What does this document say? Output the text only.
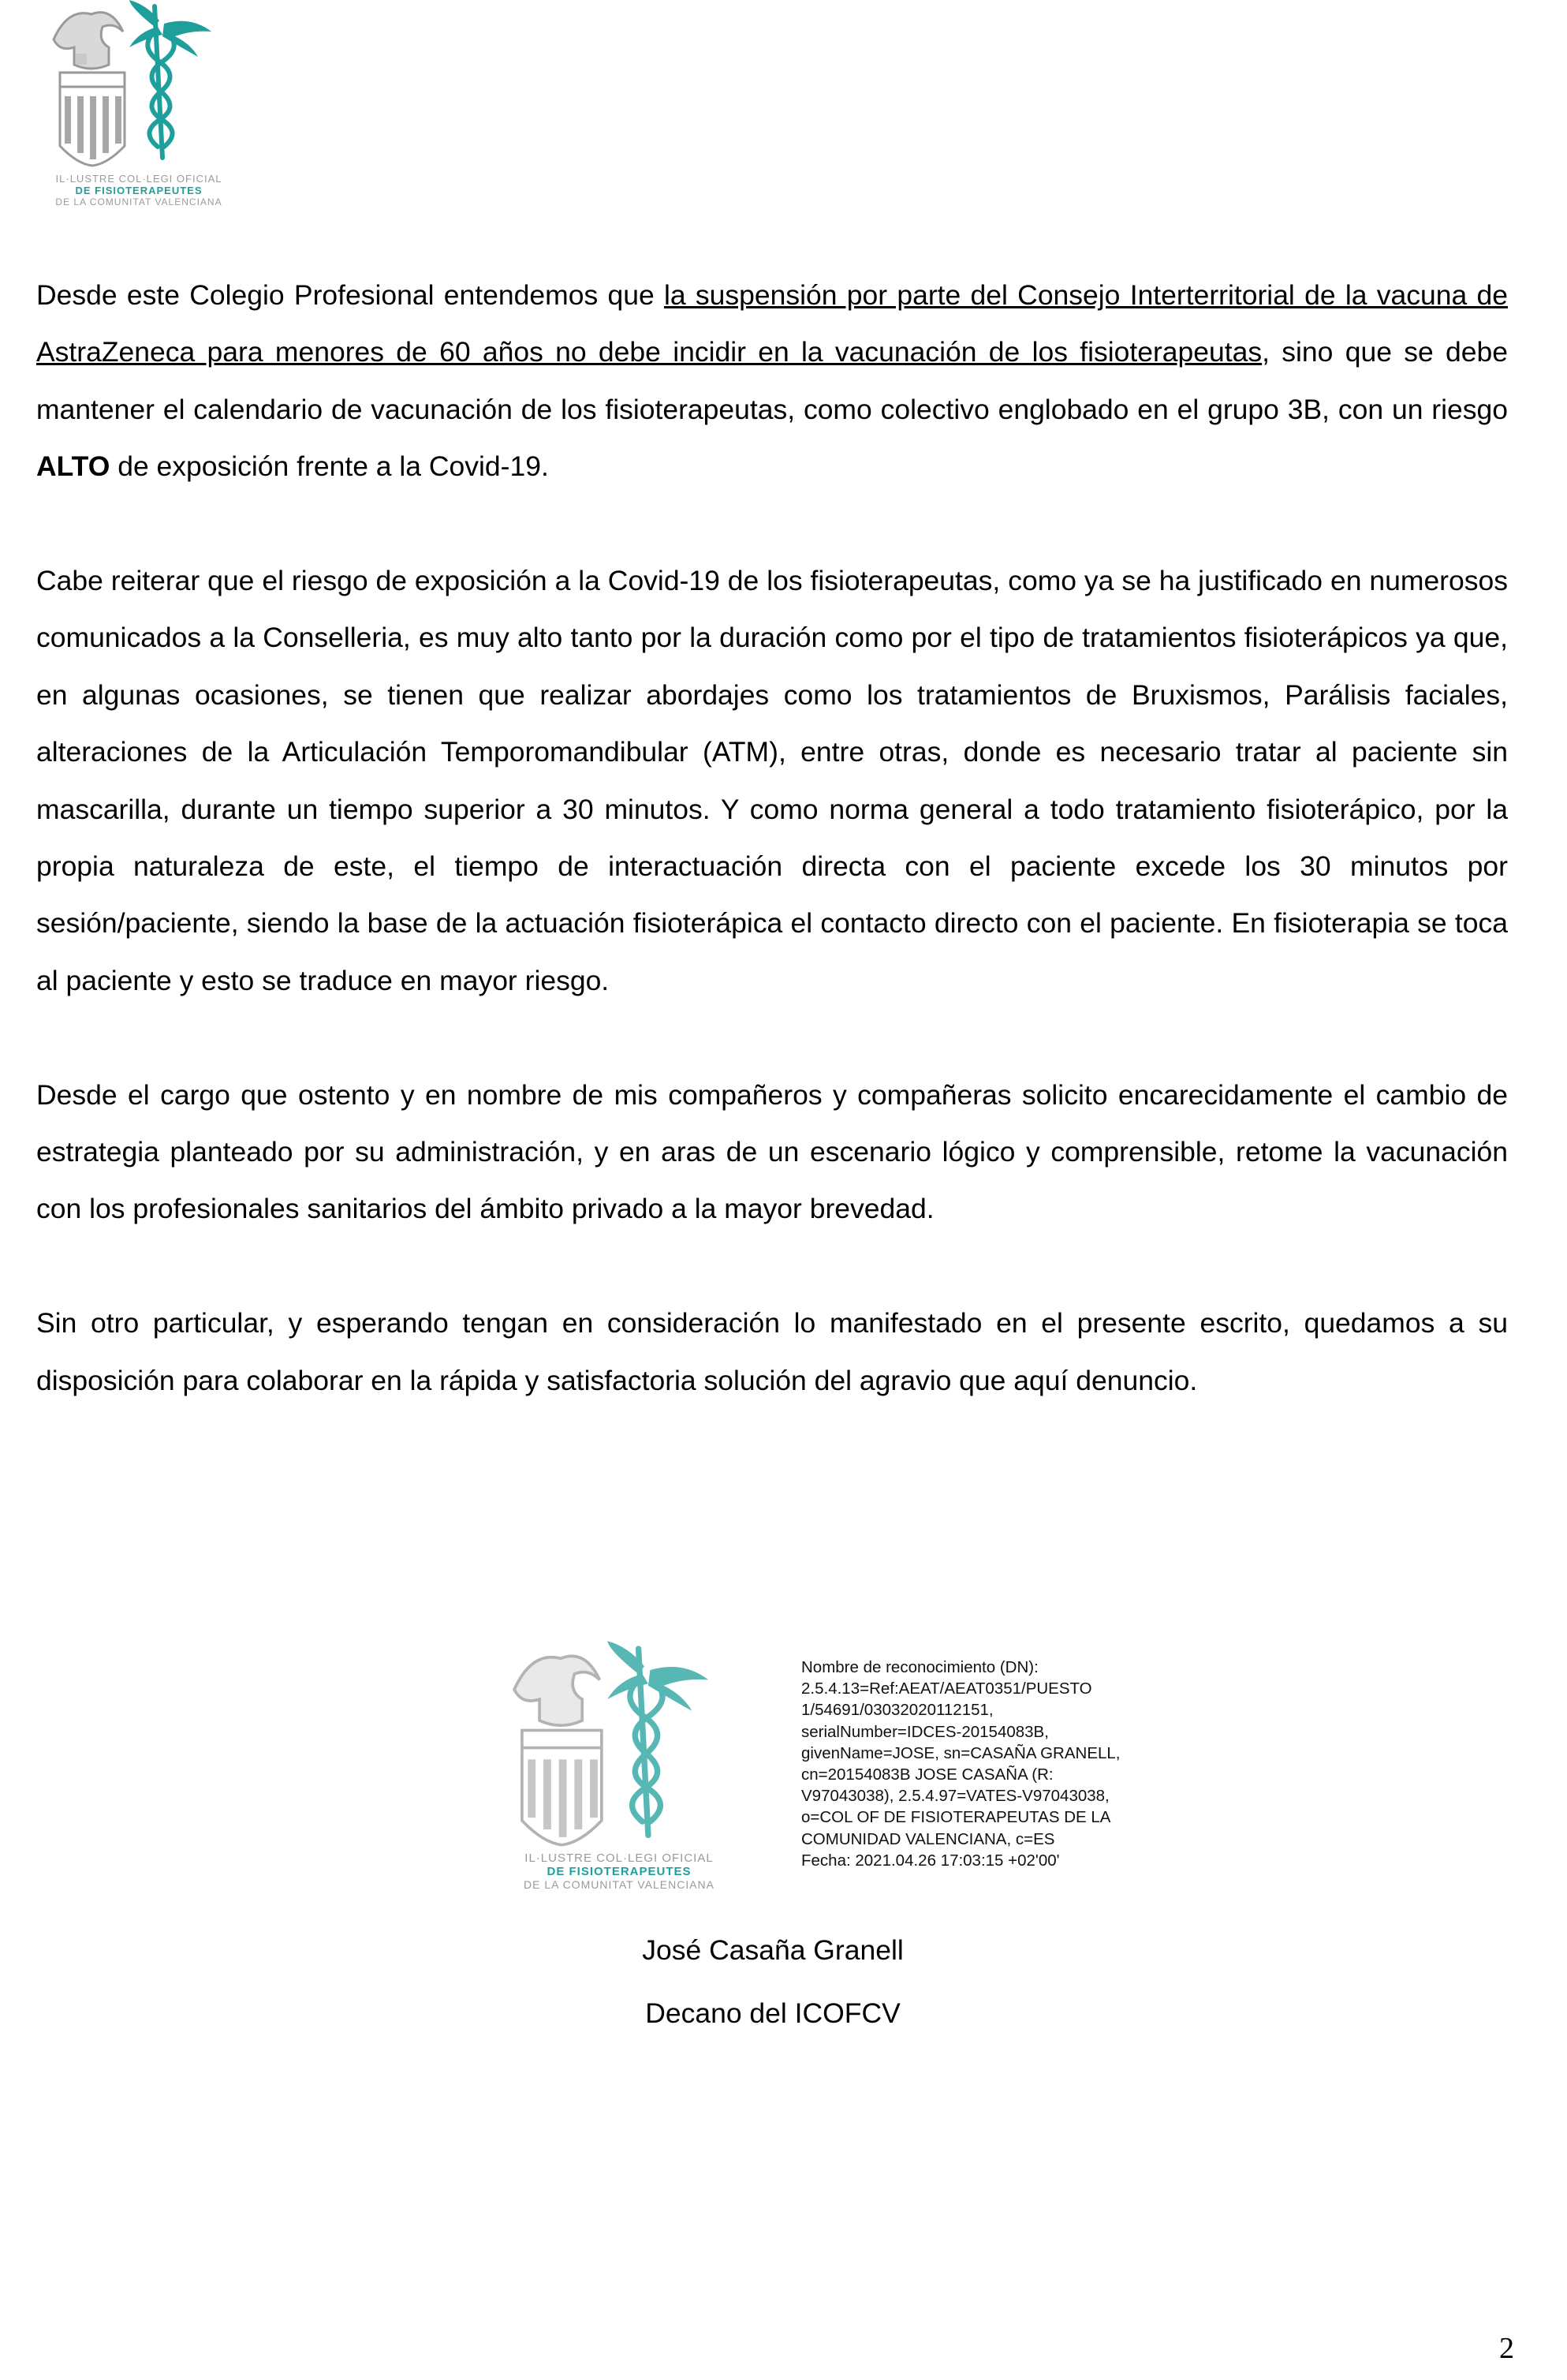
IL·LUSTRE COL·LEGI OFICIAL
DE FISIOTERAPEUTES
DE LA COMUNITAT VALENCIANA

Desde este Colegio Profesional entendemos que la suspensión por parte del Consejo Interterritorial de la vacuna de AstraZeneca para menores de 60 años no debe incidir en la vacunación de los fisioterapeutas, sino que se debe mantener el calendario de vacunación de los fisioterapeutas, como colectivo englobado en el grupo 3B, con un riesgo ALTO de exposición frente a la Covid-19.

Cabe reiterar que el riesgo de exposición a la Covid-19 de los fisioterapeutas, como ya se ha justificado en numerosos comunicados a la Conselleria, es muy alto tanto por la duración como por el tipo de tratamientos fisioterápicos ya que, en algunas ocasiones, se tienen que realizar abordajes como los tratamientos de Bruxismos, Parálisis faciales, alteraciones de la Articulación Temporomandibular (ATM), entre otras, donde es necesario tratar al paciente sin mascarilla, durante un tiempo superior a 30 minutos. Y como norma general a todo tratamiento fisioterápico, por la propia naturaleza de este, el tiempo de interactuación directa con el paciente excede los 30 minutos por sesión/paciente, siendo la base de la actuación fisioterápica el contacto directo con el paciente. En fisioterapia se toca al paciente y esto se traduce en mayor riesgo.

Desde el cargo que ostento y en nombre de mis compañeros y compañeras solicito encarecidamente el cambio de estrategia planteado por su administración, y en aras de un escenario lógico y comprensible, retome la vacunación con los profesionales sanitarios del ámbito privado a la mayor brevedad.

Sin otro particular, y esperando tengan en consideración lo manifestado en el presente escrito, quedamos a su disposición para colaborar en la rápida y satisfactoria solución del agravio que aquí denuncio.

IL·LUSTRE COL·LEGI OFICIAL
DE FISIOTERAPEUTES
DE LA COMUNITAT VALENCIANA
Nombre de reconocimiento (DN):
2.5.4.13=Ref:AEAT/AEAT0351/PUESTO
1/54691/03032020112151,
serialNumber=IDCES-20154083B,
givenName=JOSE, sn=CASAÑA GRANELL,
cn=20154083B JOSE CASAÑA (R:
V97043038), 2.5.4.97=VATES-V97043038,
o=COL OF DE FISIOTERAPEUTAS DE LA
COMUNIDAD VALENCIANA, c=ES
Fecha: 2021.04.26 17:03:15 +02'00'
José Casaña Granell
Decano del ICOFCV
2
